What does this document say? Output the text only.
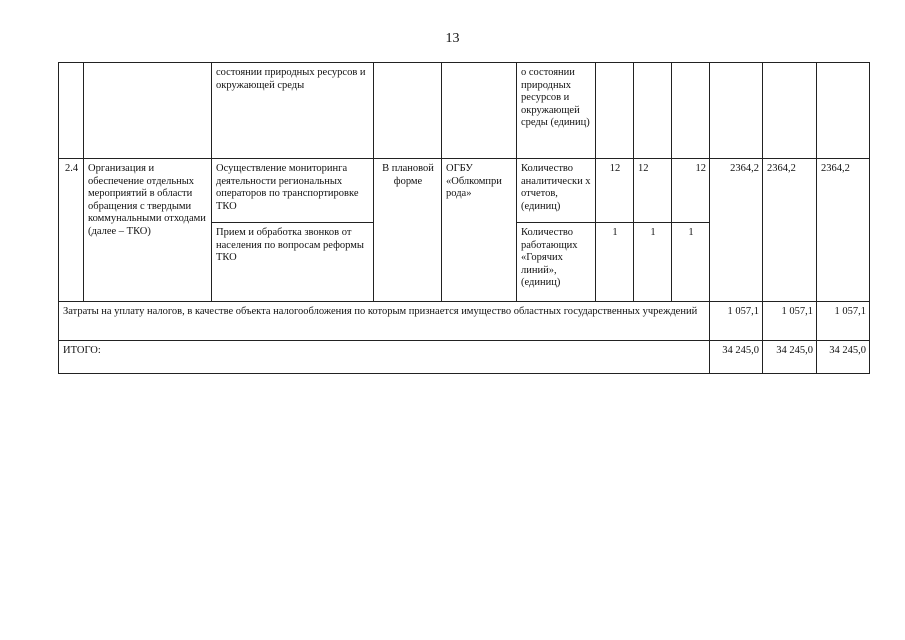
13

		состоянии природных ресурсов и окружающей среды			о состоянии природных ресурсов и окружающей среды (единиц)						

2.4	Организация и обеспечение отдельных мероприятий в области обращения с твердыми коммунальными отходами (далее – ТКО)	Осуществление мониторинга деятельности региональных операторов по транспортировке ТКО	В плановой форме	ОГБУ «Облкомпри рода»	Количество аналитически х отчетов, (единиц)	12	12	12	2364,2	2364,2	2364,2

		Прием и обработка звонков от населения по вопросам реформы ТКО			Количество работающих «Горячих линий», (единиц)	1	1	1			

Затраты на уплату налогов, в качестве объекта налогообложения по которым признается имущество областных государственных учреждений									1 057,1	1 057,1	1 057,1
ИТОГО:									34 245,0	34 245,0	34 245,0
